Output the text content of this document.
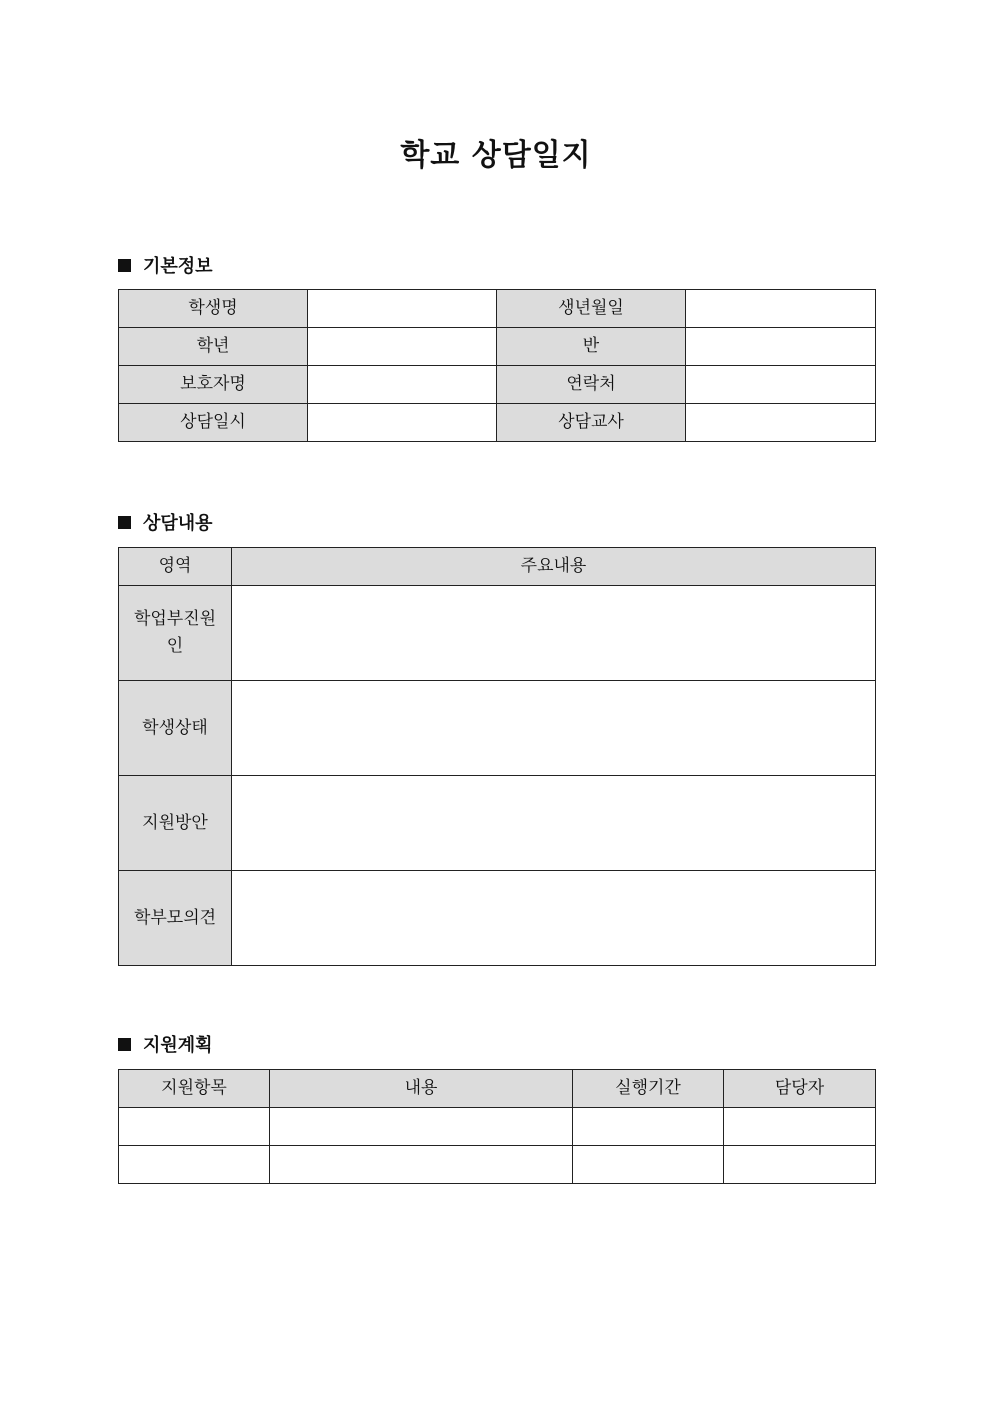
학교 상담일지
기본정보
학생명		생년월일	
학년		반	
보호자명		연락처	
상담일시		상담교사	
상담내용
영역	주요내용
학업부진원인	
학생상태	
지원방안	
학부모의견	
지원계획
지원항목	내용	실행기간	담당자
